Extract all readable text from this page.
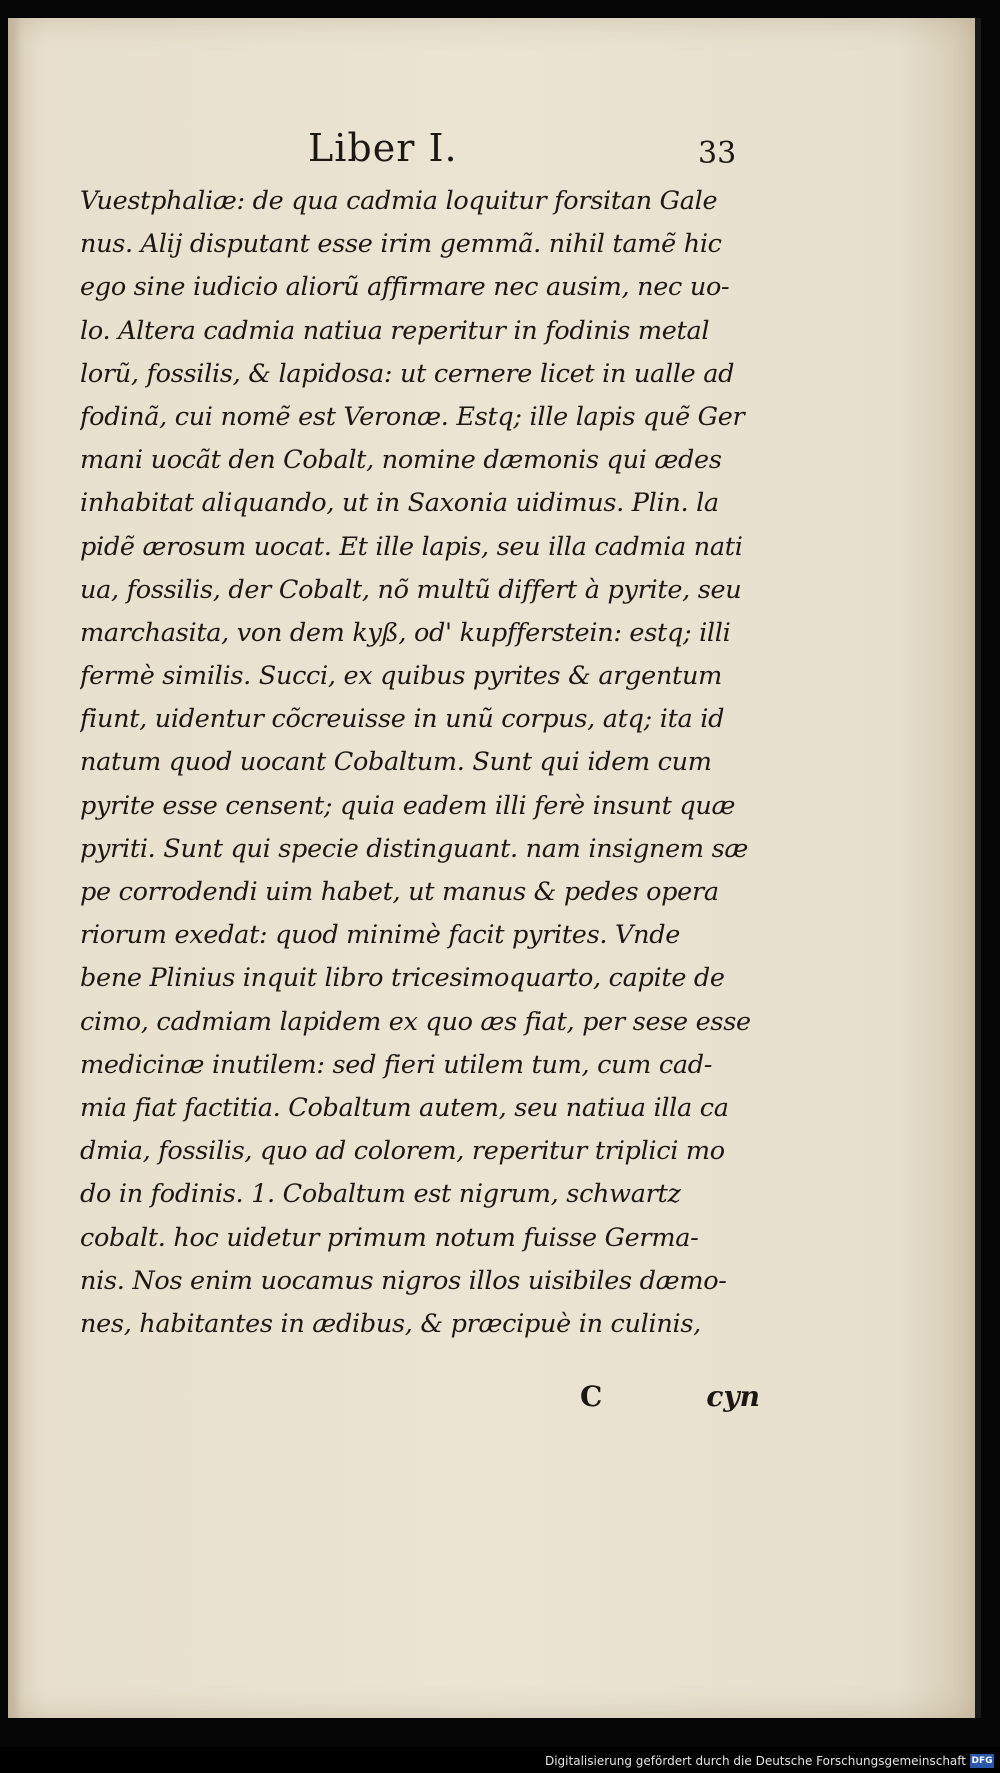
Liber I.	33
Vuestphaliæ: de qua cadmia loquitur forsitan Gale
nus. Alij disputant esse irim gemmã. nihil tamẽ hic
ego sine iudicio aliorũ affirmare nec ausim, nec uo-
lo. Altera cadmia natiua reperitur in fodinis metal
lorũ, fossilis, & lapidosa: ut cernere licet in ualle ad
fodinã, cui nomẽ est Veronæ. Estq; ille lapis quẽ Ger
mani uocãt den Cobalt, nomine dæmonis qui ædes
inhabitat aliquando, ut in Saxonia uidimus. Plin. la
pidẽ ærosum uocat. Et ille lapis, seu illa cadmia nati
ua, fossilis, der Cobalt, nõ multũ differt à pyrite, seu
marchasita, von dem kyß, od' kupfferstein: estq; illi
fermè similis. Succi, ex quibus pyrites & argentum
fiunt, uidentur cõcreuisse in unũ corpus, atq; ita id
natum quod uocant Cobaltum. Sunt qui idem cum
pyrite esse censent; quia eadem illi ferè insunt quæ
pyriti. Sunt qui specie distinguant. nam insignem sæ
pe corrodendi uim habet, ut manus & pedes opera
riorum exedat: quod minimè facit pyrites. Vnde
bene Plinius inquit libro tricesimoquarto, capite de
cimo, cadmiam lapidem ex quo æs fiat, per sese esse
medicinæ inutilem: sed fieri utilem tum, cum cad-
mia fiat factitia. Cobaltum autem, seu natiua illa ca
dmia, fossilis, quo ad colorem, reperitur triplici mo
do in fodinis. 1. Cobaltum est nigrum, schwartz
cobalt. hoc uidetur primum notum fuisse Germa-
nis. Nos enim uocamus nigros illos uisibiles dæmo-
nes, habitantes in ædibus, & præcipuè in culinis,
C	cyn
Digitalisierung gefördert durch die Deutsche Forschungsgemeinschaft DFG
